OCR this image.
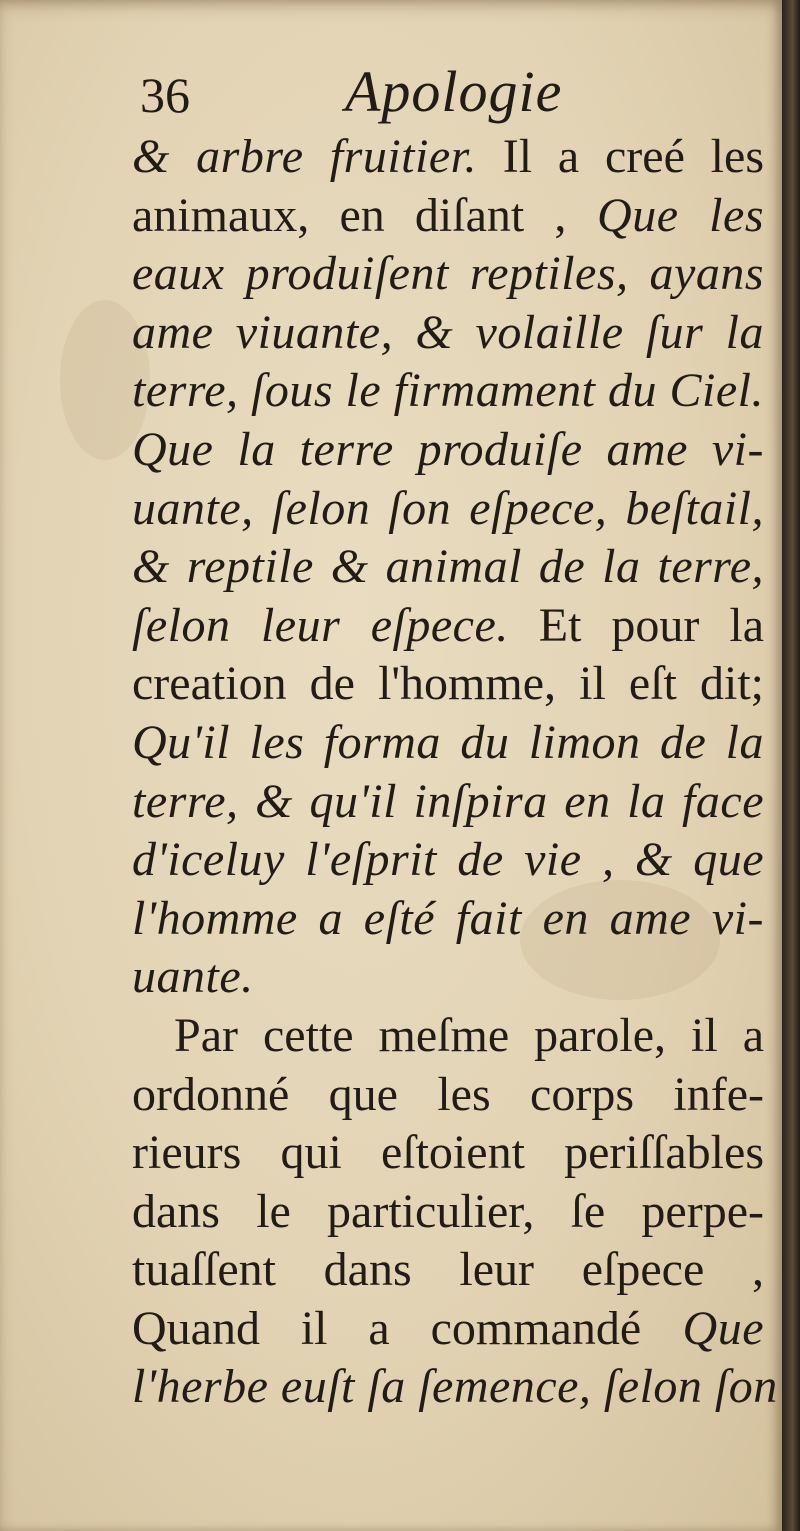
36	Apologie
& arbre fruitier. Il a creé les
animaux, en diſant , Que les
eaux produiſent reptiles, ayans
ame viuante, & volaille ſur la
terre, ſous le firmament du Ciel.
Que la terre produiſe ame vi-
uante, ſelon ſon eſpece, beſtail,
& reptile & animal de la terre,
ſelon leur eſpece. Et pour la
creation de l'homme, il eſt dit;
Qu'il les forma du limon de la
terre, & qu'il inſpira en la face
d'iceluy l'eſprit de vie , & que
l'homme a eſté fait en ame vi-
uante.
Par cette meſme parole, il a
ordonné que les corps infe-
rieurs qui eſtoient periſſables
dans le particulier, ſe perpe-
tuaſſent dans leur eſpece ,
Quand il a commandé Que
l'herbe euſt ſa ſemence, ſelon ſon
